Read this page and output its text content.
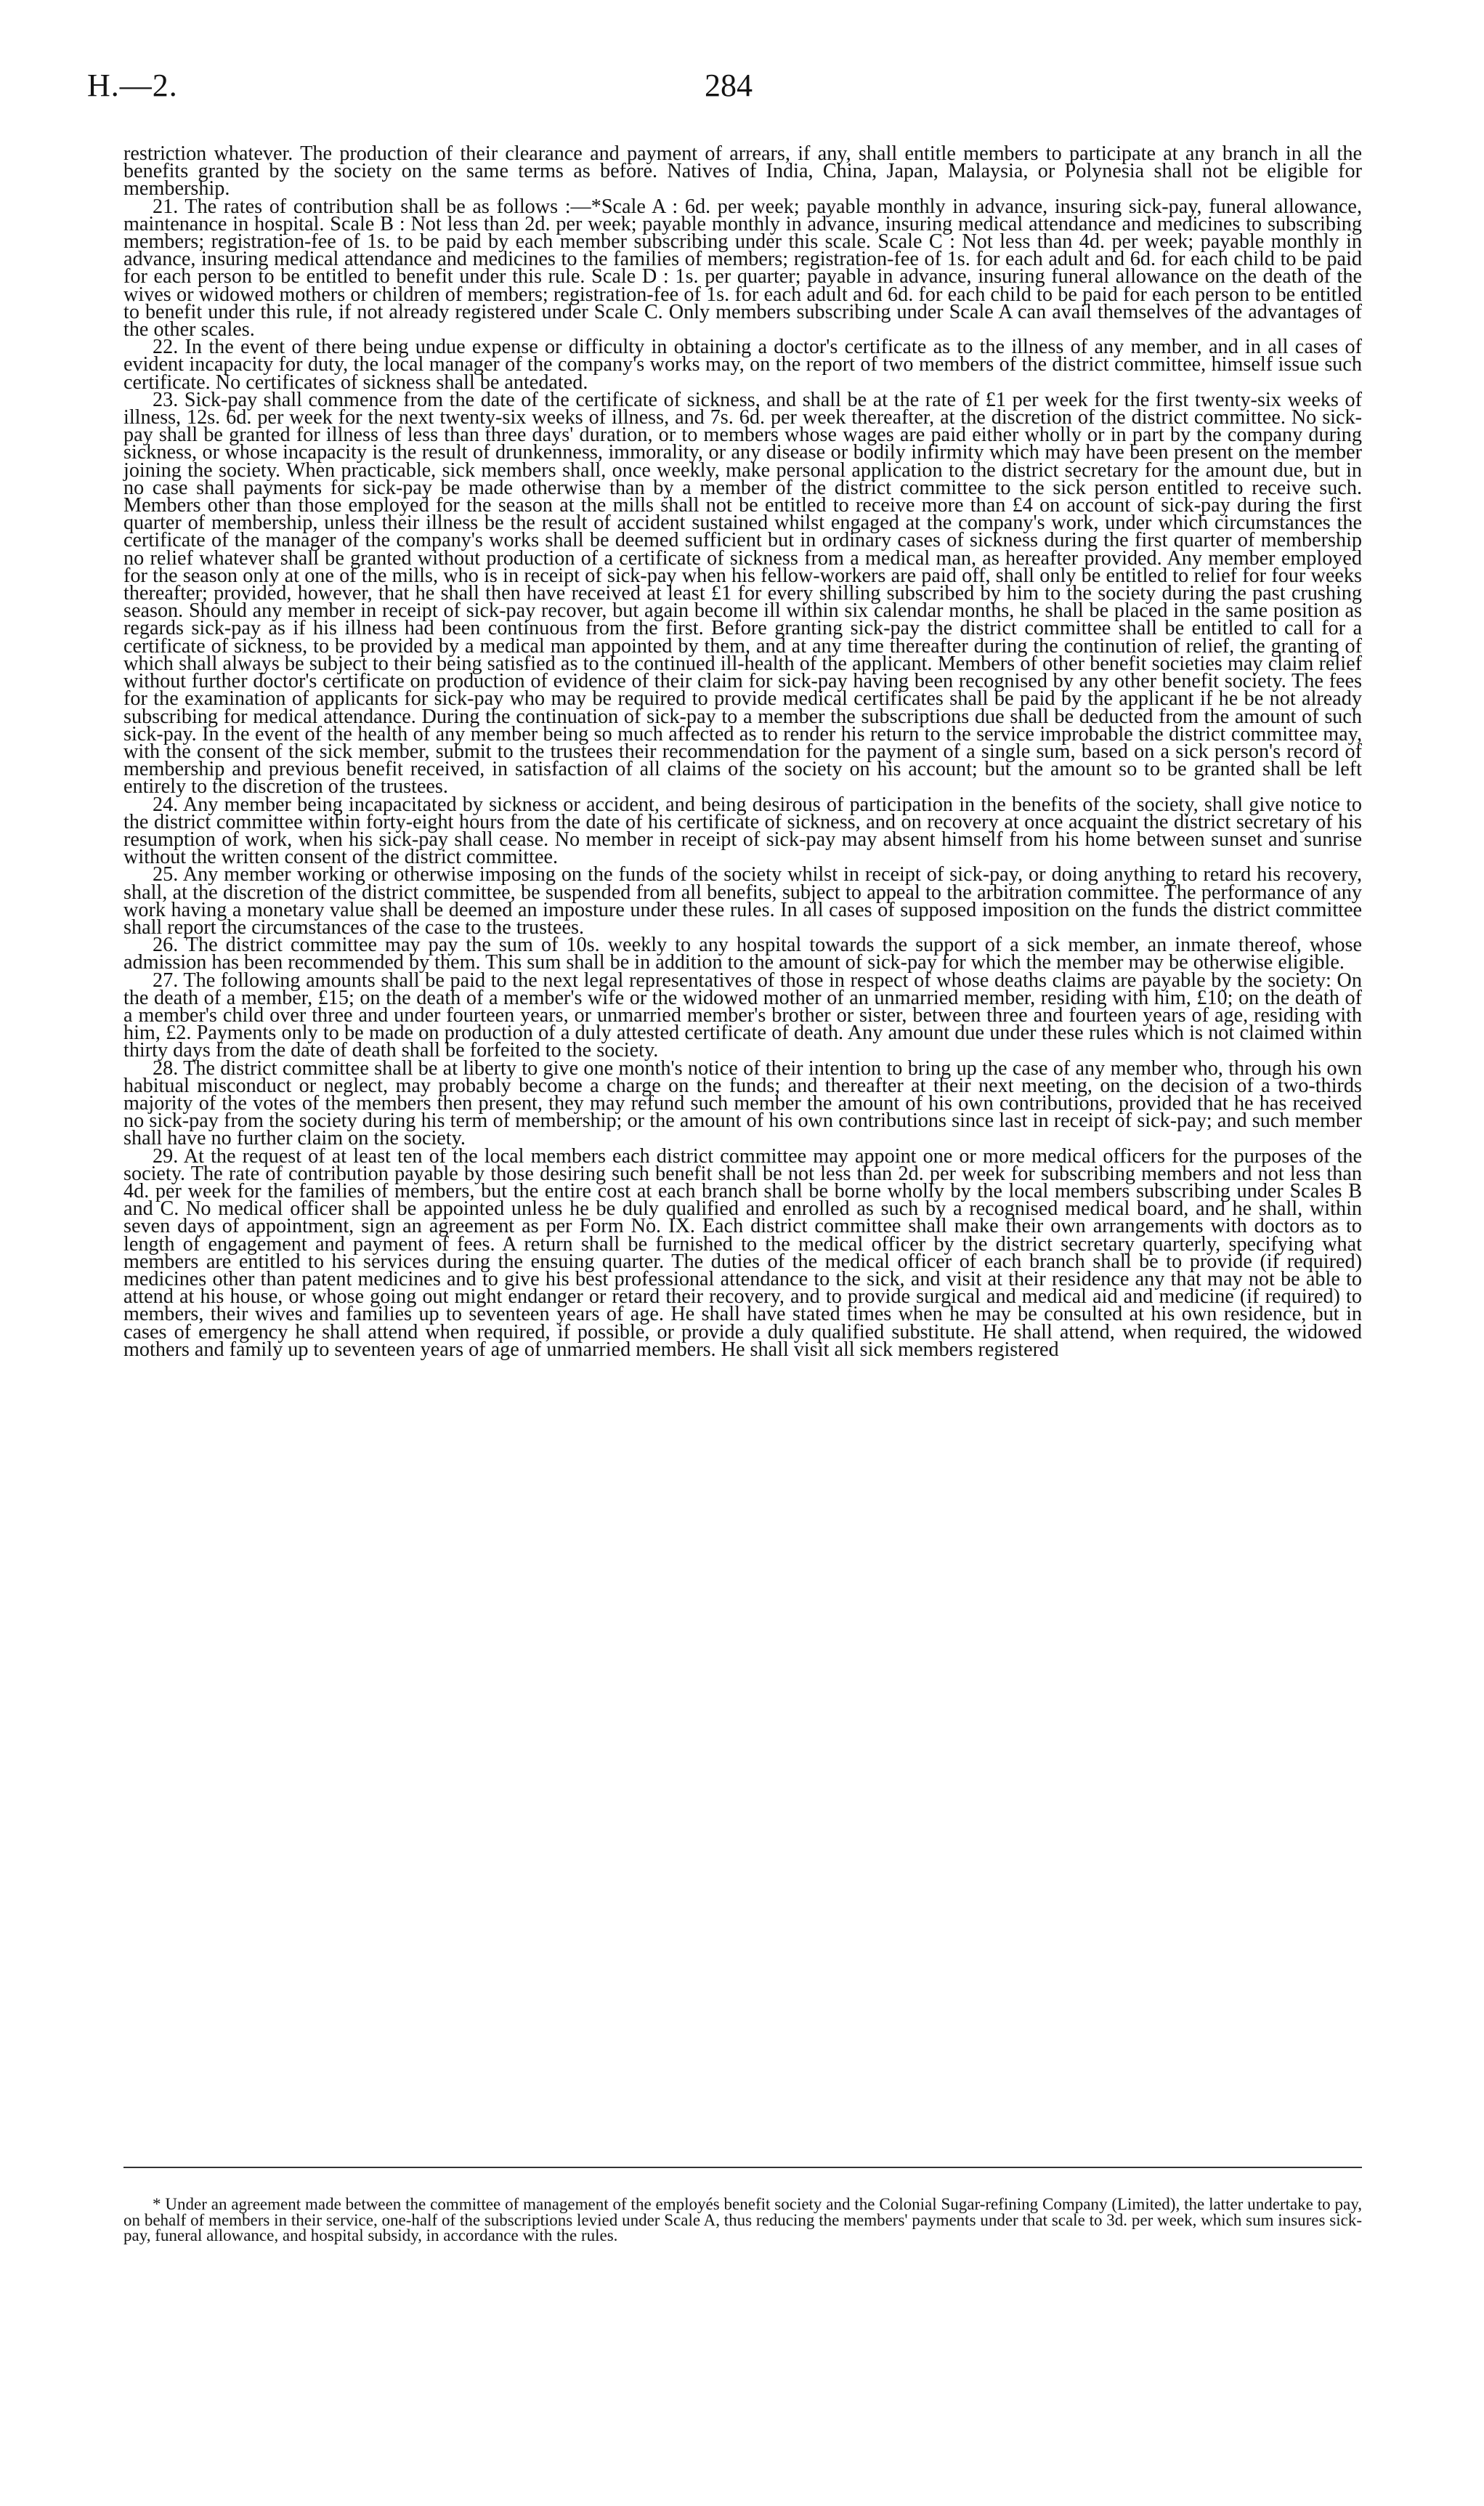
H.—2.	284

restriction whatever. The production of their clearance and payment of arrears, if any, shall entitle members to participate at any branch in all the benefits granted by the society on the same terms as before. Natives of India, China, Japan, Malaysia, or Polynesia shall not be eligible for membership.

21. The rates of contribution shall be as follows :—*Scale A : 6d. per week; payable monthly in advance, insuring sick-pay, funeral allowance, maintenance in hospital. Scale B : Not less than 2d. per week; payable monthly in advance, insuring medical attendance and medicines to subscribing members; registration-fee of 1s. to be paid by each member subscribing under this scale. Scale C : Not less than 4d. per week; payable monthly in advance, insuring medical attendance and medicines to the families of members; registration-fee of 1s. for each adult and 6d. for each child to be paid for each person to be entitled to benefit under this rule. Scale D : 1s. per quarter; payable in advance, insuring funeral allowance on the death of the wives or widowed mothers or children of members; registration-fee of 1s. for each adult and 6d. for each child to be paid for each person to be entitled to benefit under this rule, if not already registered under Scale C. Only members subscribing under Scale A can avail themselves of the advantages of the other scales.

22. In the event of there being undue expense or difficulty in obtaining a doctor's certificate as to the illness of any member, and in all cases of evident incapacity for duty, the local manager of the company's works may, on the report of two members of the district committee, himself issue such certificate. No certificates of sickness shall be antedated.

23. Sick-pay shall commence from the date of the certificate of sickness, and shall be at the rate of £1 per week for the first twenty-six weeks of illness, 12s. 6d. per week for the next twenty-six weeks of illness, and 7s. 6d. per week thereafter, at the discretion of the district committee. No sick-pay shall be granted for illness of less than three days' duration, or to members whose wages are paid either wholly or in part by the company during sickness, or whose incapacity is the result of drunkenness, immorality, or any disease or bodily infirmity which may have been present on the member joining the society. When practicable, sick members shall, once weekly, make personal application to the district secretary for the amount due, but in no case shall payments for sick-pay be made otherwise than by a member of the district committee to the sick person entitled to receive such. Members other than those employed for the season at the mills shall not be entitled to receive more than £4 on account of sick-pay during the first quarter of membership, unless their illness be the result of accident sustained whilst engaged at the company's work, under which circumstances the certificate of the manager of the company's works shall be deemed sufficient but in ordinary cases of sickness during the first quarter of membership no relief whatever shall be granted without production of a certificate of sickness from a medical man, as hereafter provided. Any member employed for the season only at one of the mills, who is in receipt of sick-pay when his fellow-workers are paid off, shall only be entitled to relief for four weeks thereafter; provided, however, that he shall then have received at least £1 for every shilling subscribed by him to the society during the past crushing season. Should any member in receipt of sick-pay recover, but again become ill within six calendar months, he shall be placed in the same position as regards sick-pay as if his illness had been continuous from the first. Before granting sick-pay the district committee shall be entitled to call for a certificate of sickness, to be provided by a medical man appointed by them, and at any time thereafter during the continution of relief, the granting of which shall always be subject to their being satisfied as to the continued ill-health of the applicant. Members of other benefit societies may claim relief without further doctor's certificate on production of evidence of their claim for sick-pay having been recognised by any other benefit society. The fees for the examination of applicants for sick-pay who may be required to provide medical certificates shall be paid by the applicant if he be not already subscribing for medical attendance. During the continuation of sick-pay to a member the subscriptions due shall be deducted from the amount of such sick-pay. In the event of the health of any member being so much affected as to render his return to the service improbable the district committee may, with the consent of the sick member, submit to the trustees their recommendation for the payment of a single sum, based on a sick person's record of membership and previous benefit received, in satisfaction of all claims of the society on his account; but the amount so to be granted shall be left entirely to the discretion of the trustees.

24. Any member being incapacitated by sickness or accident, and being desirous of participation in the benefits of the society, shall give notice to the district committee within forty-eight hours from the date of his certificate of sickness, and on recovery at once acquaint the district secretary of his resumption of work, when his sick-pay shall cease. No member in receipt of sick-pay may absent himself from his home between sunset and sunrise without the written consent of the district committee.

25. Any member working or otherwise imposing on the funds of the society whilst in receipt of sick-pay, or doing anything to retard his recovery, shall, at the discretion of the district committee, be suspended from all benefits, subject to appeal to the arbitration committee. The performance of any work having a monetary value shall be deemed an imposture under these rules. In all cases of supposed imposition on the funds the district committee shall report the circumstances of the case to the trustees.

26. The district committee may pay the sum of 10s. weekly to any hospital towards the support of a sick member, an inmate thereof, whose admission has been recommended by them. This sum shall be in addition to the amount of sick-pay for which the member may be otherwise eligible.

27. The following amounts shall be paid to the next legal representatives of those in respect of whose deaths claims are payable by the society: On the death of a member, £15; on the death of a member's wife or the widowed mother of an unmarried member, residing with him, £10; on the death of a member's child over three and under fourteen years, or unmarried member's brother or sister, between three and fourteen years of age, residing with him, £2. Payments only to be made on production of a duly attested certificate of death. Any amount due under these rules which is not claimed within thirty days from the date of death shall be forfeited to the society.

28. The district committee shall be at liberty to give one month's notice of their intention to bring up the case of any member who, through his own habitual misconduct or neglect, may probably become a charge on the funds; and thereafter at their next meeting, on the decision of a two-thirds majority of the votes of the members then present, they may refund such member the amount of his own contributions, provided that he has received no sick-pay from the society during his term of membership; or the amount of his own contributions since last in receipt of sick-pay; and such member shall have no further claim on the society.

29. At the request of at least ten of the local members each district committee may appoint one or more medical officers for the purposes of the society. The rate of contribution payable by those desiring such benefit shall be not less than 2d. per week for subscribing members and not less than 4d. per week for the families of members, but the entire cost at each branch shall be borne wholly by the local members subscribing under Scales B and C. No medical officer shall be appointed unless he be duly qualified and enrolled as such by a recognised medical board, and he shall, within seven days of appointment, sign an agreement as per Form No. IX. Each district committee shall make their own arrangements with doctors as to length of engagement and payment of fees. A return shall be furnished to the medical officer by the district secretary quarterly, specifying what members are entitled to his services during the ensuing quarter. The duties of the medical officer of each branch shall be to provide (if required) medicines other than patent medicines and to give his best professional attendance to the sick, and visit at their residence any that may not be able to attend at his house, or whose going out might endanger or retard their recovery, and to provide surgical and medical aid and medicine (if required) to members, their wives and families up to seventeen years of age. He shall have stated times when he may be consulted at his own residence, but in cases of emergency he shall attend when required, if possible, or provide a duly qualified substitute. He shall attend, when required, the widowed mothers and family up to seventeen years of age of unmarried members. He shall visit all sick members registered

* Under an agreement made between the committee of management of the employés benefit society and the Colonial Sugar-refining Company (Limited), the latter undertake to pay, on behalf of members in their service, one-half of the subscriptions levied under Scale A, thus reducing the members' payments under that scale to 3d. per week, which sum insures sick-pay, funeral allowance, and hospital subsidy, in accordance with the rules.
